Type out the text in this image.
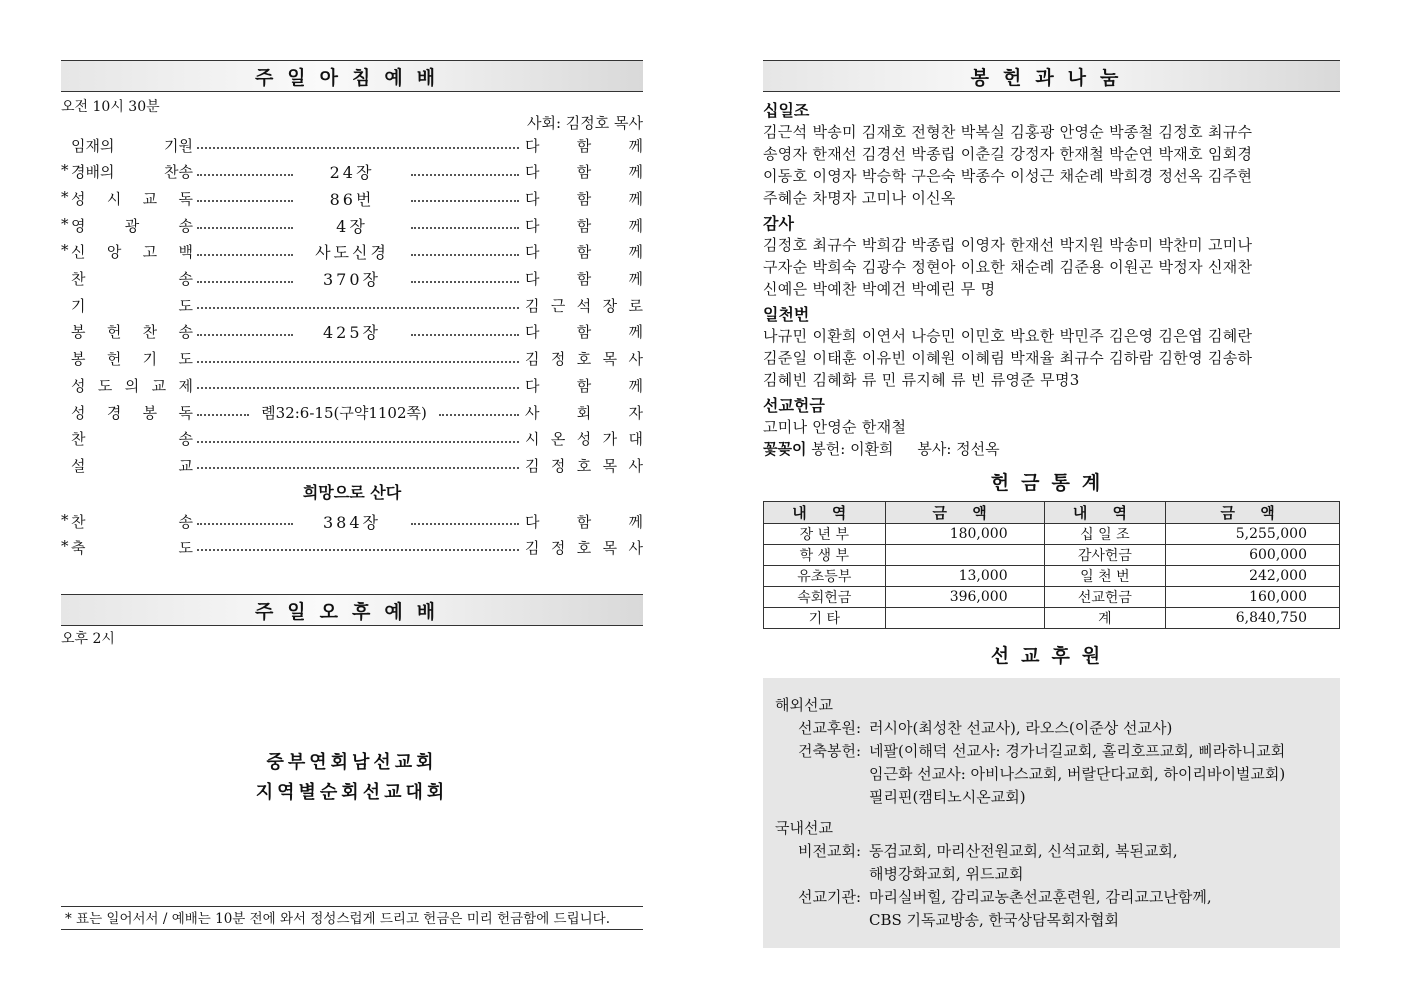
주일아침예배
오전 10시 30분
사회: 김정호 목사
임재의	기원	다 함 께
* 경배의	찬송	24장	다 함 께
* 성 시 교 독	86번	다 함 께
* 영	광	송	4장	다 함 께
* 신 앙 고 백	사도신경	다 함 께
찬	송	370장	다 함 께
기	도	김 근 석 장 로
봉 헌 찬 송	425장	다 함 께
봉 헌 기 도	김 정 호 목 사
성 도 의 교 제	다 함 께
성 경 봉 독	롐32:6-15(구약1102쪽)	사 회 자
찬	송	시 온 성 가 대
설	교	김 정 호 목 사
희망으로 산다
* 찬	송	384장	다 함 께
* 축	도	김 정 호 목 사
주일오후예배
오후 2시
중부연회남선교회
지역별순회선교대회
* 표는 일어서서 / 예배는 10분 전에 와서 정성스럽게 드리고 헌금은 미리 헌금함에 드립니다.
봉헌과나눔
십일조
김근석 박송미 김재호 전형찬 박복실 김홍광 안영순 박종철 김정호 최규수
송영자 한재선 김경선 박종립 이춘길 강정자 한재철 박순연 박재호 임회경
이동호 이영자 박승학 구은숙 박종수 이성근 채순례 박희경 정선옥 김주현
주혜순 차명자 고미나 이신옥
감사
김정호 최규수 박희감 박종립 이영자 한재선 박지원 박송미 박찬미 고미나
구자순 박희숙 김광수 정현아 이요한 채순례 김준용 이원곤 박정자 신재찬
신예은 박예찬 박예건 박예린 무 명
일천번
나규민 이환희 이연서 나승민 이민호 박요한 박민주 김은영 김은엽 김혜란
김준일 이태훈 이유빈 이혜원 이혜림 박재율 최규수 김하람 김한영 김송하
김혜빈 김혜화 류 민 류지혜 류 빈 류영준 무명3
선교헌금
고미나 안영순 한재철
꽃꽂이 봉헌: 이환희     봉사: 정선옥
헌금통계
내 역	금 액	내 역	금 액
장 년 부	180,000	십 일 조	5,255,000
학 생 부		감사헌금	600,000
유초등부	13,000	일 천 번	242,000
속회헌금	396,000	선교헌금	160,000
기 타		계	6,840,750
선교후원
해외선교
선교후원: 러시아(최성찬 선교사), 라오스(이준상 선교사)
건축봉헌: 네팔(이해덕 선교사: 경가너길교회, 홀리호프교회, 삐라하니교회
임근화 선교사: 아비나스교회, 버랄단다교회, 하이리바이벌교회)
필리핀(캠티노시온교회)
국내선교
비전교회: 동검교회, 마리산전원교회, 신석교회, 복된교회,
해병강화교회, 위드교회
선교기관: 마리실버힐, 감리교농촌선교훈련원, 감리교고난함께,
CBS 기독교방송, 한국상담목회자협회
